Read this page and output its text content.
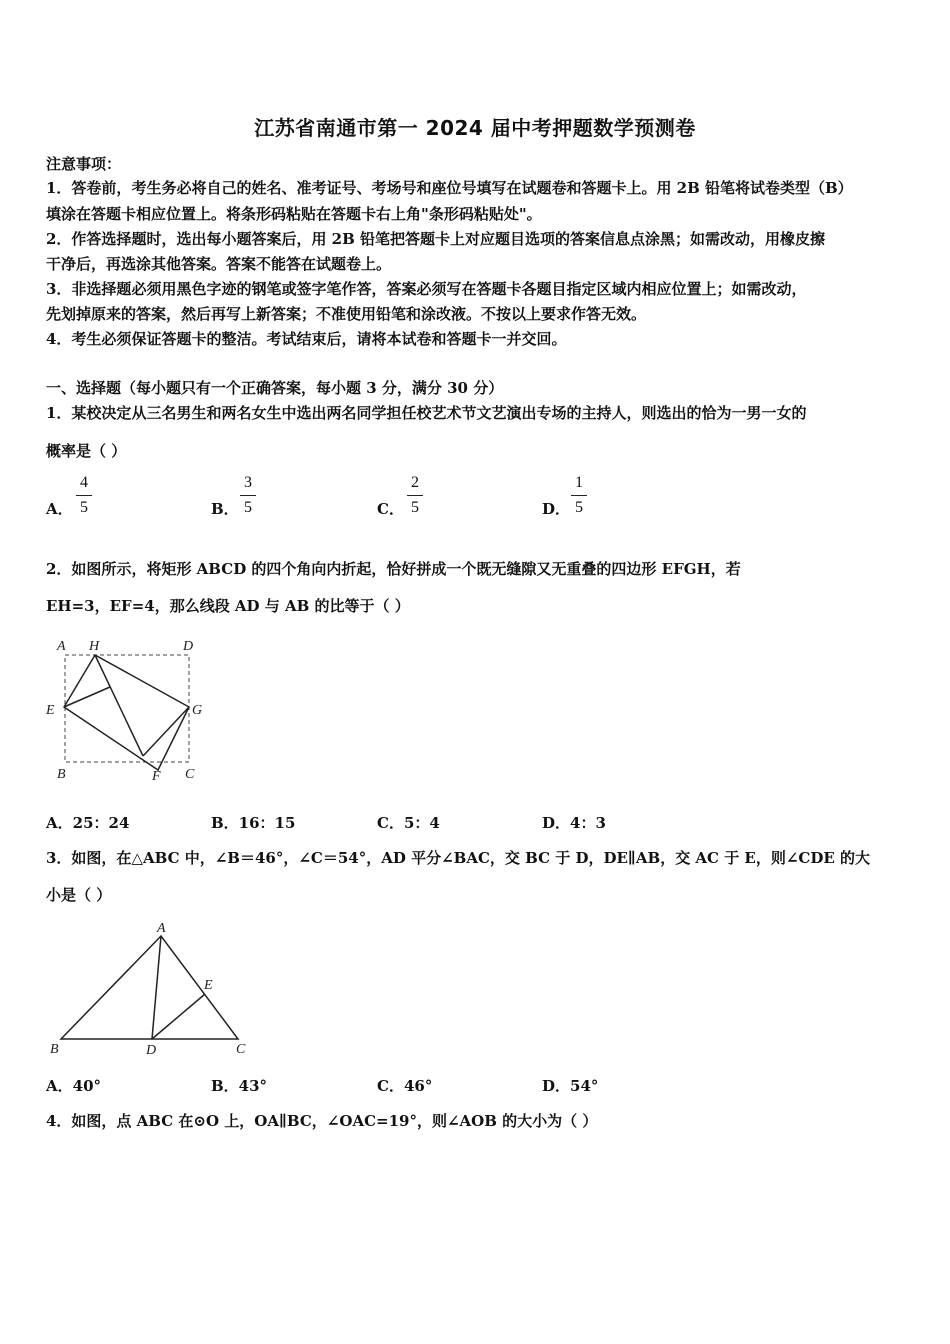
江苏省南通市第一 2024 届中考押题数学预测卷
注意事项：
1．答卷前，考生务必将自己的姓名、准考证号、考场号和座位号填写在试题卷和答题卡上。用 2B 铅笔将试卷类型（B）
填涂在答题卡相应位置上。将条形码粘贴在答题卡右上角"条形码粘贴处"。
2．作答选择题时，选出每小题答案后，用 2B 铅笔把答题卡上对应题目选项的答案信息点涂黑；如需改动，用橡皮擦
干净后，再选涂其他答案。答案不能答在试题卷上。
3．非选择题必须用黑色字迹的钢笔或签字笔作答，答案必须写在答题卡各题目指定区域内相应位置上；如需改动，
先划掉原来的答案，然后再写上新答案；不准使用铅笔和涂改液。不按以上要求作答无效。
4．考生必须保证答题卡的整洁。考试结束后，请将本试卷和答题卡一并交回。
一、选择题（每小题只有一个正确答案，每小题 3 分，满分 30 分）
1．某校决定从三名男生和两名女生中选出两名同学担任校艺术节文艺演出专场的主持人，则选出的恰为一男一女的
概率是（ ）
A．
4
5	B．
3
5	C．
2
5	D．
1
5
2．如图所示，将矩形 ABCD 的四个角向内折起，恰好拼成一个既无缝隙又无重叠的四边形 EFGH，若
EH=3，EF=4，那么线段 AD 与 AB 的比等于（ ）
A H	D
E	G
B	F C
A．25：24	B．16：15	C．5：4	D．4：3
3．如图，在△ABC 中，∠B＝46°，∠C＝54°，AD 平分∠BAC，交 BC 于 D，DE∥AB，交 AC 于 E，则∠CDE 的大
小是（ ）
A
E
B	D	C
A．40°	B．43°	C．46°	D．54°
4．如图，点 ABC 在⊙O 上，OA∥BC，∠OAC=19°，则∠AOB 的大小为（ ）
